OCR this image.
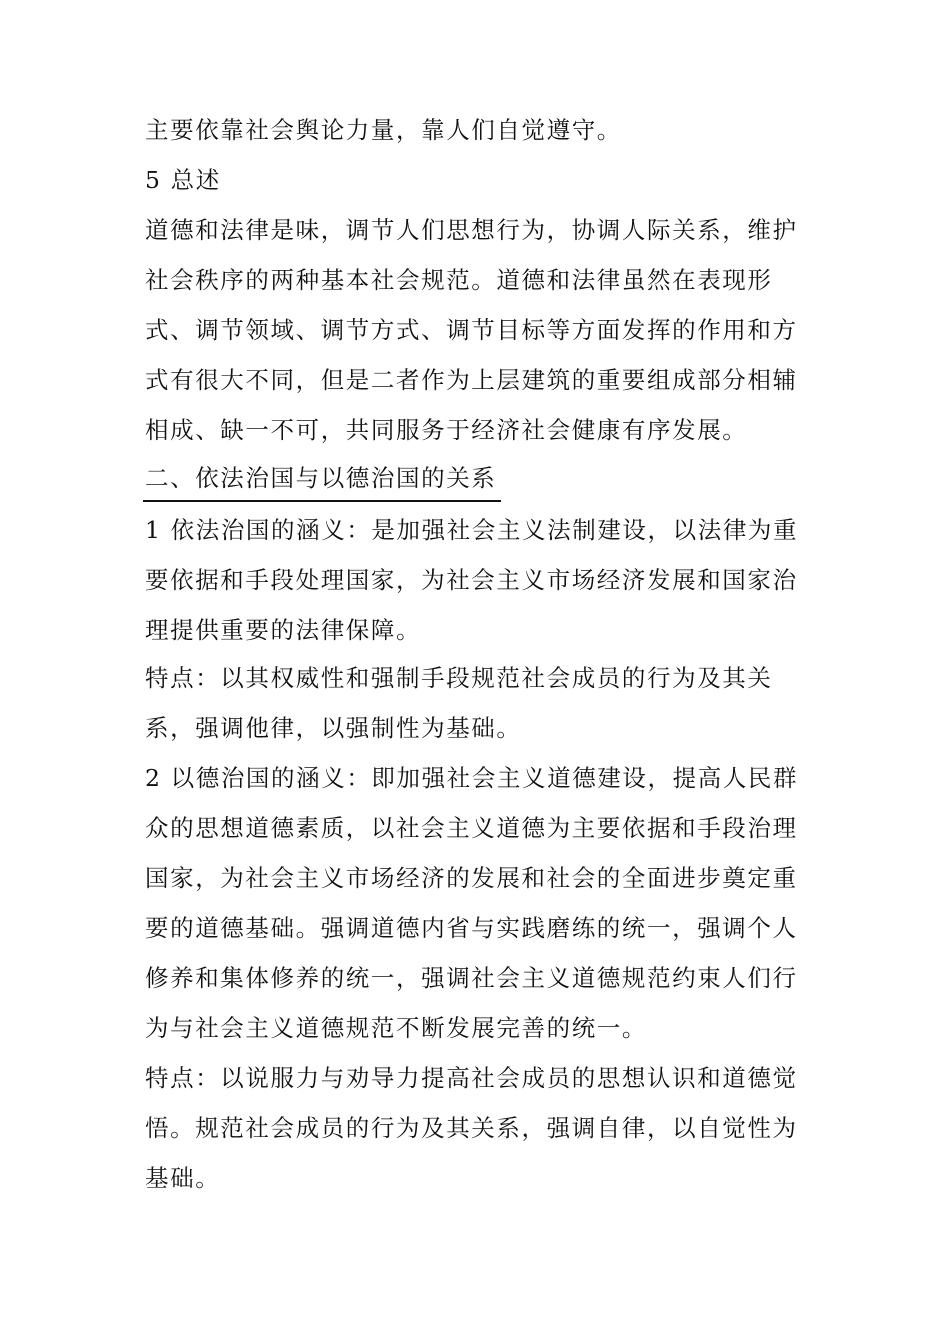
主要依靠社会舆论力量，靠人们自觉遵守。
5 总述
道德和法律是味，调节人们思想行为，协调人际关系，维护
社会秩序的两种基本社会规范。道德和法律虽然在表现形
式、调节领域、调节方式、调节目标等方面发挥的作用和方
式有很大不同，但是二者作为上层建筑的重要组成部分相辅
相成、缺一不可，共同服务于经济社会健康有序发展。
二、依法治国与以德治国的关系
1 依法治国的涵义：是加强社会主义法制建设，以法律为重
要依据和手段处理国家，为社会主义市场经济发展和国家治
理提供重要的法律保障。
特点：以其权威性和强制手段规范社会成员的行为及其关
系，强调他律，以强制性为基础。
2 以德治国的涵义：即加强社会主义道德建设，提高人民群
众的思想道德素质，以社会主义道德为主要依据和手段治理
国家，为社会主义市场经济的发展和社会的全面进步奠定重
要的道德基础。强调道德内省与实践磨练的统一，强调个人
修养和集体修养的统一，强调社会主义道德规范约束人们行
为与社会主义道德规范不断发展完善的统一。
特点：以说服力与劝导力提高社会成员的思想认识和道德觉
悟。规范社会成员的行为及其关系，强调自律，以自觉性为
基础。
